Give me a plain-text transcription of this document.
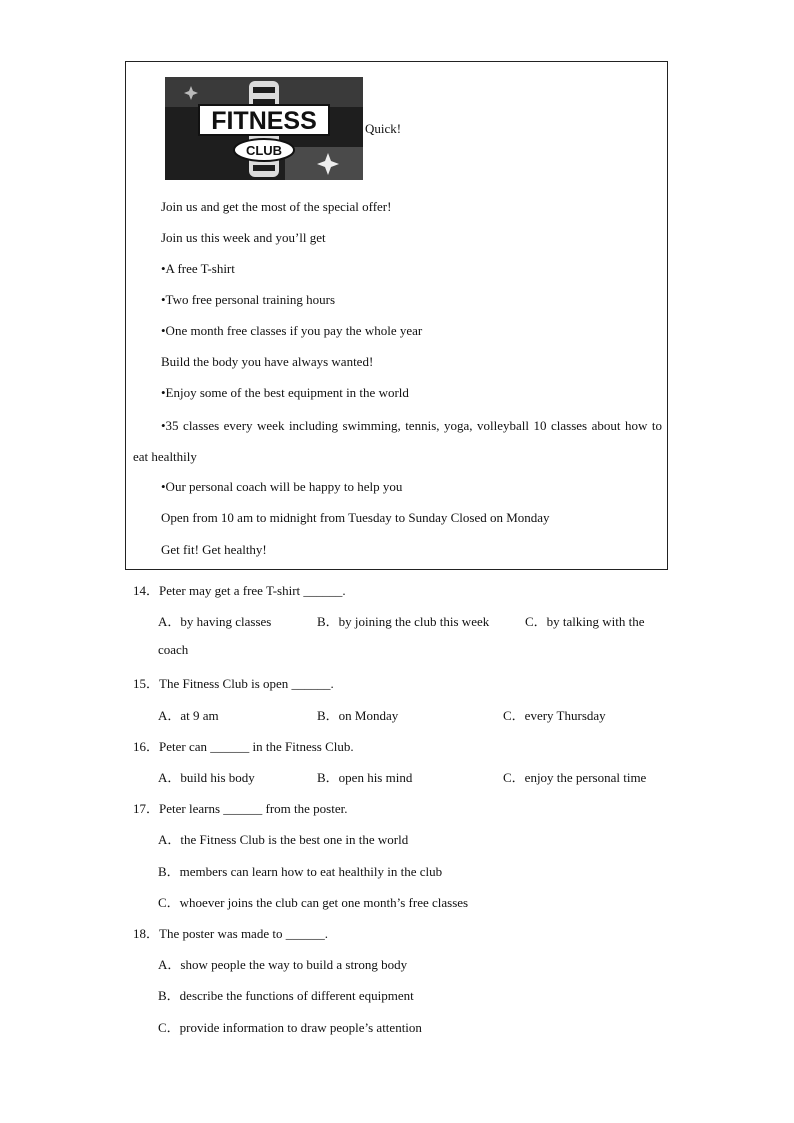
FITNESS
CLUB
Quick!
Join us and get the most of the special offer!
Join us this week and you’ll get
•A free T-shirt
•Two free personal training hours
•One month free classes if you pay the whole year
Build the body you have always wanted!
•Enjoy some of the best equipment in the world
•35 classes every week including swimming, tennis, yoga, volleyball 10 classes about how to eat healthily
•Our personal coach will be happy to help you
Open from 10 am to midnight from Tuesday to Sunday Closed on Monday
Get fit! Get healthy!
14．Peter may get a free T-shirt ______.
A．by having classes	B．by joining the club this week	C．by talking with the
coach
15．The Fitness Club is open ______.
A．at 9 am	B．on Monday	C．every Thursday
16．Peter can ______ in the Fitness Club.
A．build his body	B．open his mind	C．enjoy the personal time
17．Peter learns ______ from the poster.
A．the Fitness Club is the best one in the world
B．members can learn how to eat healthily in the club
C．whoever joins the club can get one month’s free classes
18．The poster was made to ______.
A．show people the way to build a strong body
B．describe the functions of different equipment
C．provide information to draw people’s attention
